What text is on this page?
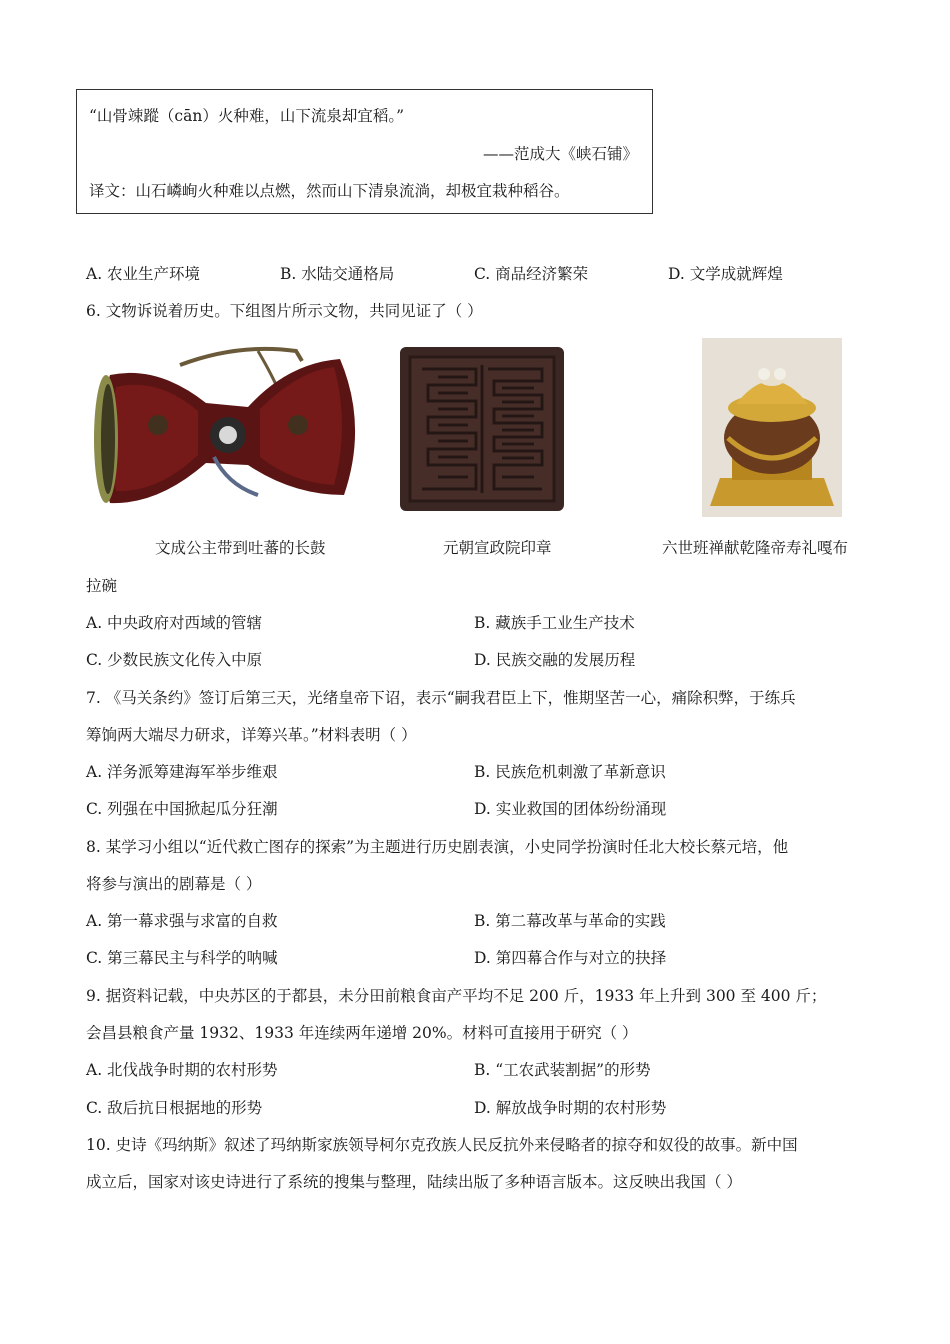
“山骨竦蹤（cān）火种难，山下流泉却宜稻。”
——范成大《峡石铺》
译文：山石嶙峋火种难以点燃，然而山下清泉流淌，却极宜栽种稻谷。
A. 农业生产环境	B. 水陆交通格局	C. 商品经济繁荣	D. 文学成就辉煌
6. 文物诉说着历史。下组图片所示文物，共同见证了（ ）
文成公主带到吐蕃的长鼓	元朝宣政院印章	六世班禅献乾隆帝寿礼嘎布
拉碗
A. 中央政府对西域的管辖	B. 藏族手工业生产技术
C. 少数民族文化传入中原	D. 民族交融的发展历程
7. 《马关条约》签订后第三天，光绪皇帝下诏，表示“嗣我君臣上下，惟期坚苦一心，痛除积弊，于练兵
筹饷两大端尽力研求，详筹兴革。”材料表明（ ）
A. 洋务派筹建海军举步维艰	B. 民族危机刺激了革新意识
C. 列强在中国掀起瓜分狂潮	D. 实业救国的团体纷纷涌现
8. 某学习小组以“近代救亡图存的探索”为主题进行历史剧表演，小史同学扮演时任北大校长蔡元培，他
将参与演出的剧幕是（ ）
A. 第一幕求强与求富的自救	B. 第二幕改革与革命的实践
C. 第三幕民主与科学的呐喊	D. 第四幕合作与对立的抉择
9. 据资料记载，中央苏区的于都县，未分田前粮食亩产平均不足 200 斤，1933 年上升到 300 至 400 斤；
会昌县粮食产量 1932、1933 年连续两年递增 20%。材料可直接用于研究（ ）
A. 北伐战争时期的农村形势	B. “工农武装割据”的形势
C. 敌后抗日根据地的形势	D. 解放战争时期的农村形势
10. 史诗《玛纳斯》叙述了玛纳斯家族领导柯尔克孜族人民反抗外来侵略者的掠夺和奴役的故事。新中国
成立后，国家对该史诗进行了系统的搜集与整理，陆续出版了多种语言版本。这反映出我国（ ）
